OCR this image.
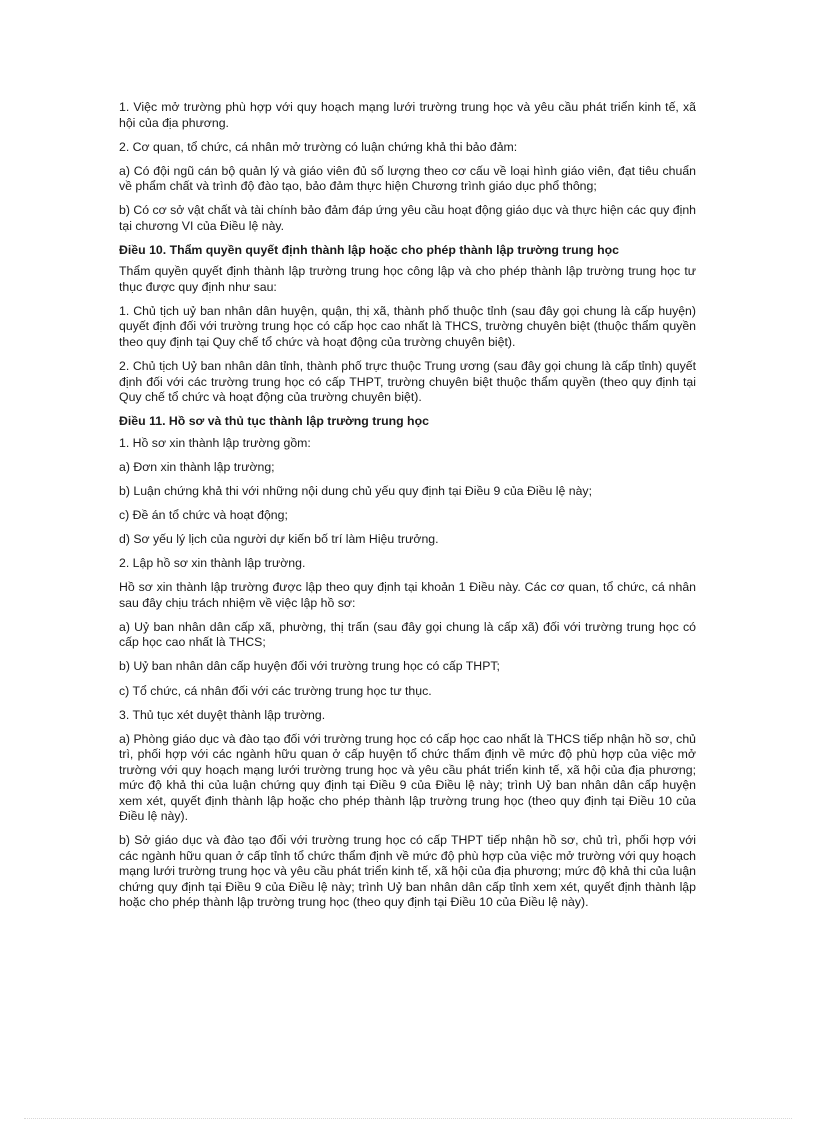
1. Việc mở trường phù hợp với quy hoạch mạng lưới trường trung học và yêu cầu phát triển kinh tế, xã hội của địa phương.

2. Cơ quan, tổ chức, cá nhân mở trường có luận chứng khả thi bảo đảm:

a) Có đội ngũ cán bộ quản lý và giáo viên đủ số lượng theo cơ cấu về loại hình giáo viên, đạt tiêu chuẩn về phẩm chất và trình độ đào tạo, bảo đảm thực hiện Chương trình giáo dục phổ thông;

b) Có cơ sở vật chất và tài chính bảo đảm đáp ứng yêu cầu hoạt động giáo dục và thực hiện các quy định tại chương VI của Điều lệ này.

Điều 10. Thẩm quyền quyết định thành lập hoặc cho phép thành lập trường trung học

Thẩm quyền quyết định thành lập trường trung học công lập và cho phép thành lập trường trung học tư thục được quy định như sau:

1. Chủ tịch uỷ ban nhân dân huyện, quận, thị xã, thành phố thuộc tỉnh (sau đây gọi chung là cấp huyện) quyết định đối với trường trung học có cấp học cao nhất là THCS, trường chuyên biệt (thuộc thẩm quyền theo quy định tại Quy chế tổ chức và hoạt động của trường chuyên biệt).

2. Chủ tịch Uỷ ban nhân dân tỉnh, thành phố trực thuộc Trung ương (sau đây gọi chung là cấp tỉnh) quyết định đối với các trường trung học có cấp THPT, trường chuyên biệt thuộc thẩm quyền (theo quy định tại Quy chế tổ chức và hoạt động của trường chuyên biệt).

Điều 11. Hồ sơ và thủ tục thành lập trường trung học

1. Hồ sơ xin thành lập trường gồm:

a) Đơn xin thành lập trường;

b) Luận chứng khả thi với những nội dung chủ yếu quy định tại Điều 9 của Điều lệ này;

c) Đề án tổ chức và hoạt động;

d) Sơ yếu lý lịch của người dự kiến bố trí làm Hiệu trưởng.

2. Lập hồ sơ xin thành lập trường.

Hồ sơ xin thành lập trường được lập theo quy định tại khoản 1 Điều này. Các cơ quan, tổ chức, cá nhân sau đây chịu trách nhiệm về việc lập hồ sơ:

a) Uỷ ban nhân dân cấp xã, phường, thị trấn (sau đây gọi chung là cấp xã) đối với trường trung học có cấp học cao nhất là THCS;

b) Uỷ ban nhân dân cấp huyện đối với trường trung học có cấp THPT;

c) Tổ chức, cá nhân đối với các trường trung học tư thục.

3. Thủ tục xét duyệt thành lập trường.

a) Phòng giáo dục và đào tạo đối với trường trung học có cấp học cao nhất là THCS tiếp nhận hồ sơ, chủ trì, phối hợp với các ngành hữu quan ở cấp huyện tổ chức thẩm định về mức độ phù hợp của việc mở trường với quy hoạch mạng lưới trường trung học và yêu cầu phát triển kinh tế, xã hội của địa phương; mức độ khả thi của luận chứng quy định tại Điều 9 của Điều lệ này; trình Uỷ ban nhân dân cấp huyện xem xét, quyết định thành lập hoặc cho phép thành lập trường trung học (theo quy định tại Điều 10 của Điều lệ này).

b) Sở giáo dục và đào tạo đối với trường trung học có cấp THPT tiếp nhận hồ sơ, chủ trì, phối hợp với các ngành hữu quan ở cấp tỉnh tổ chức thẩm định về mức độ phù hợp của việc mở trường với quy hoạch mạng lưới trường trung học và yêu cầu phát triển kinh tế, xã hội của địa phương; mức độ khả thi của luận chứng quy định tại Điều 9 của Điều lệ này; trình Uỷ ban nhân dân cấp tỉnh xem xét, quyết định thành lập hoặc cho phép thành lập trường trung học (theo quy định tại Điều 10 của Điều lệ này).
